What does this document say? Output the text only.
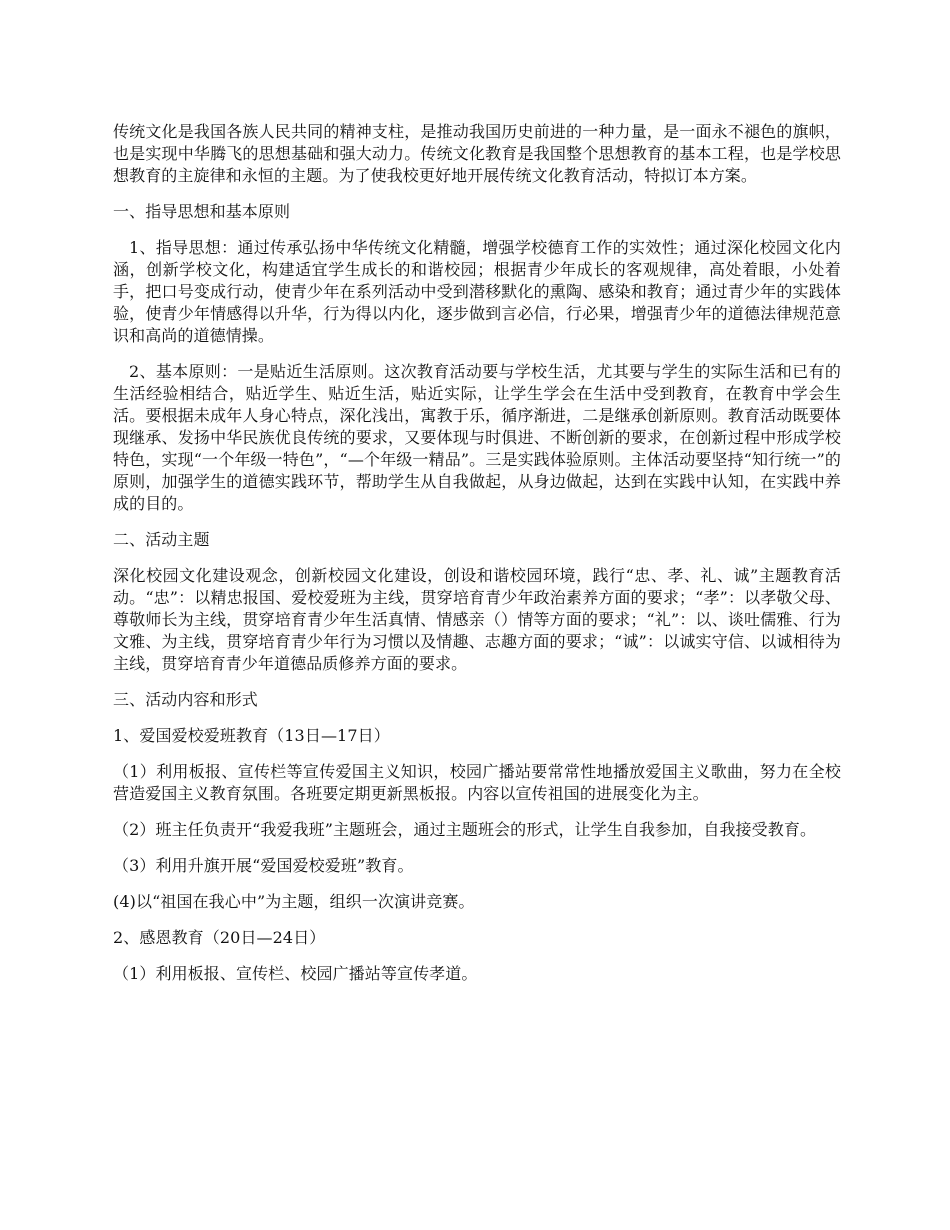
传统文化是我国各族人民共同的精神支柱，是推动我国历史前进的一种力量，是一面永不褪色的旗帜，也是实现中华腾飞的思想基础和强大动力。传统文化教育是我国整个思想教育的基本工程，也是学校思想教育的主旋律和永恒的主题。为了使我校更好地开展传统文化教育活动，特拟订本方案。

一、指导思想和基本原则

1、指导思想：通过传承弘扬中华传统文化精髓，增强学校德育工作的实效性；通过深化校园文化内涵，创新学校文化，构建适宜学生成长的和谐校园；根据青少年成长的客观规律，高处着眼，小处着手，把口号变成行动，使青少年在系列活动中受到潜移默化的熏陶、感染和教育；通过青少年的实践体验，使青少年情感得以升华，行为得以内化，逐步做到言必信，行必果，增强青少年的道德法律规范意识和高尚的道德情操。

2、基本原则：一是贴近生活原则。这次教育活动要与学校生活，尤其要与学生的实际生活和已有的生活经验相结合，贴近学生、贴近生活，贴近实际，让学生学会在生活中受到教育，在教育中学会生活。要根据未成年人身心特点，深化浅出，寓教于乐，循序渐进，二是继承创新原则。教育活动既要体现继承、发扬中华民族优良传统的要求，又要体现与时俱进、不断创新的要求，在创新过程中形成学校特色，实现“一个年级一特色”，“—个年级一精品”。三是实践体验原则。主体活动要坚持“知行统一”的原则，加强学生的道德实践环节，帮助学生从自我做起，从身边做起，达到在实践中认知，在实践中养成的目的。

二、活动主题

深化校园文化建设观念，创新校园文化建设，创设和谐校园环境，践行“忠、孝、礼、诚”主题教育活动。“忠”：以精忠报国、爱校爱班为主线，贯穿培育青少年政治素养方面的要求；“孝”：以孝敬父母、尊敬师长为主线，贯穿培育青少年生活真情、情感亲（）情等方面的要求；“礼”：以、谈吐儒雅、行为文雅、为主线，贯穿培育青少年行为习惯以及情趣、志趣方面的要求；“诚”：以诚实守信、以诚相待为主线，贯穿培育青少年道德品质修养方面的要求。

三、活动内容和形式

1、爱国爱校爱班教育（13日—17日）

（1）利用板报、宣传栏等宣传爱国主义知识，校园广播站要常常性地播放爱国主义歌曲，努力在全校营造爱国主义教育氛围。各班要定期更新黑板报。内容以宣传祖国的进展变化为主。

（2）班主任负责开“我爱我班”主题班会，通过主题班会的形式，让学生自我参加，自我接受教育。

（3）利用升旗开展“爱国爱校爱班”教育。

(4)以“祖国在我心中”为主题，组织一次演讲竞赛。

2、感恩教育（20日—24日）

（1）利用板报、宣传栏、校园广播站等宣传孝道。
